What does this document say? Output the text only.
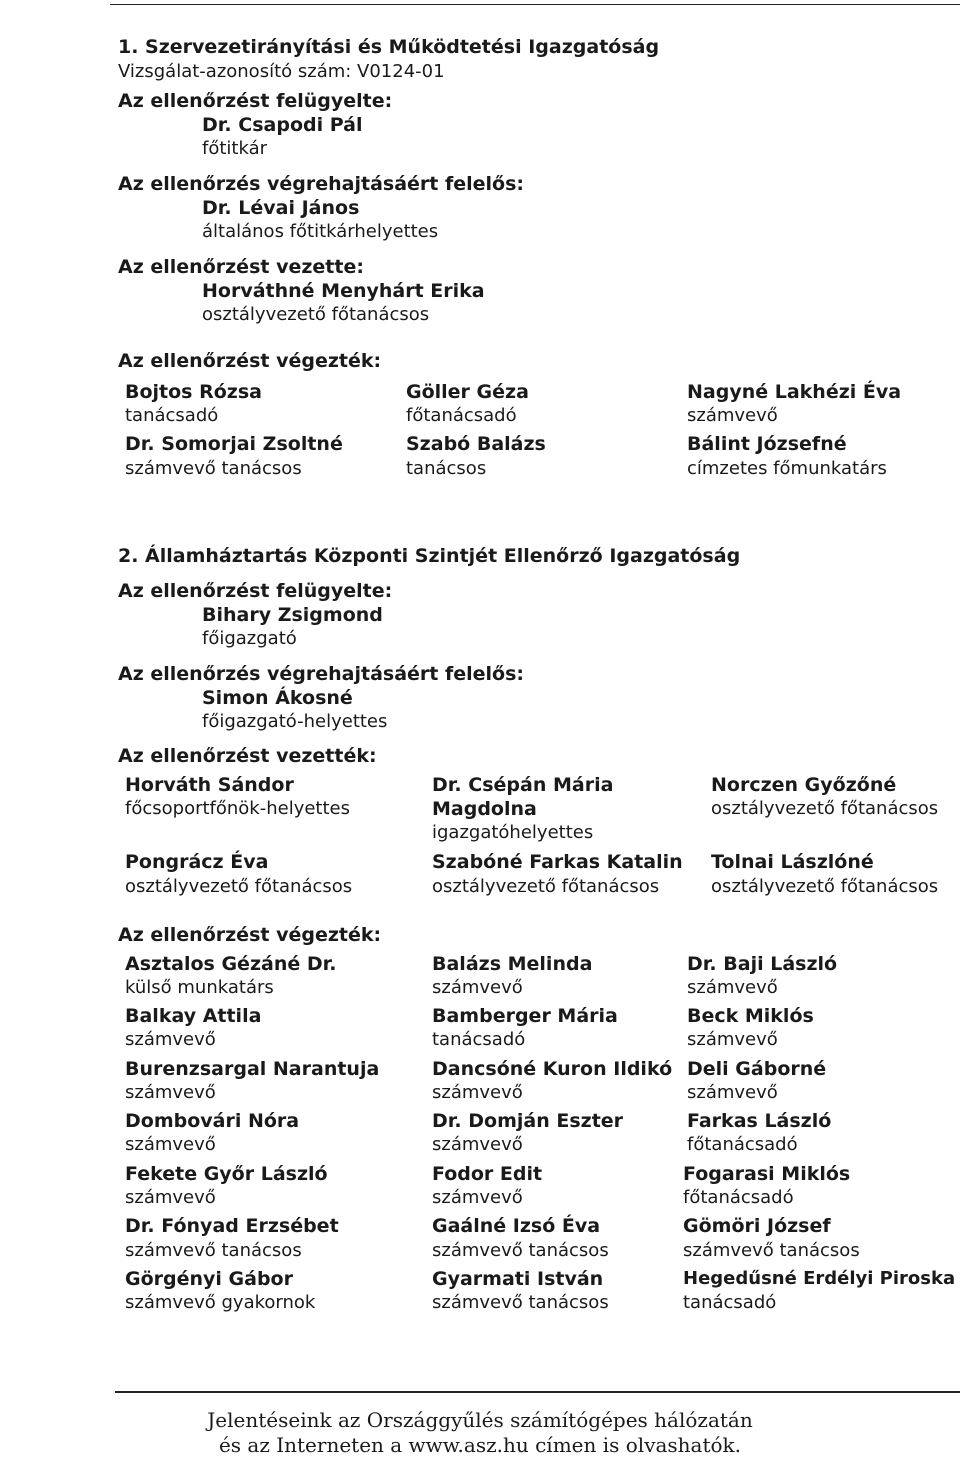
1. Szervezetirányítási és Működtetési Igazgatóság
Vizsgálat-azonosító szám: V0124-01
Az ellenőrzést felügyelte:
Dr. Csapodi Pál
főtitkár
Az ellenőrzés végrehajtásáért felelős:
Dr. Lévai János
általános főtitkárhelyettes
Az ellenőrzést vezette:
Horváthné Menyhárt Erika
osztályvezető főtanácsos
Az ellenőrzést végezték:
Bojtos Rózsa
tanácsadó
Göller Géza
főtanácsadó
Nagyné Lakhézi Éva
számvevő
Dr. Somorjai Zsoltné
számvevő tanácsos
Szabó Balázs
tanácsos
Bálint Józsefné
címzetes főmunkatárs
2. Államháztartás Központi Szintjét Ellenőrző Igazgatóság
Az ellenőrzést felügyelte:
Bihary Zsigmond
főigazgató
Az ellenőrzés végrehajtásáért felelős:
Simon Ákosné
főigazgató-helyettes
Az ellenőrzést vezették:
Horváth Sándor
főcsoportfőnök-helyettes
Dr. Csépán Mária
Magdolna
igazgatóhelyettes
Norczen Győzőné
osztályvezető főtanácsos
Pongrácz Éva
osztályvezető főtanácsos
Szabóné Farkas Katalin
osztályvezető főtanácsos
Tolnai Lászlóné
osztályvezető főtanácsos
Az ellenőrzést végezték:
Asztalos Gézáné Dr.
külső munkatárs
Balázs Melinda
számvevő
Dr. Baji László
számvevő
Balkay Attila
számvevő
Bamberger Mária
tanácsadó
Beck Miklós
számvevő
Burenzsargal Narantuja
számvevő
Dancsóné Kuron Ildikó
számvevő
Deli Gáborné
számvevő
Dombovári Nóra
számvevő
Dr. Domján Eszter
számvevő
Farkas László
főtanácsadó
Fekete Győr László
számvevő
Fodor Edit
számvevő
Fogarasi Miklós
főtanácsadó
Dr. Fónyad Erzsébet
számvevő tanácsos
Gaálné Izsó Éva
számvevő tanácsos
Gömöri József
számvevő tanácsos
Görgényi Gábor
számvevő gyakornok
Gyarmati István
számvevő tanácsos
Hegedűsné Erdélyi Piroska
tanácsadó
Jelentéseink az Országgyűlés számítógépes hálózatán
és az Interneten a www.asz.hu címen is olvashatók.
